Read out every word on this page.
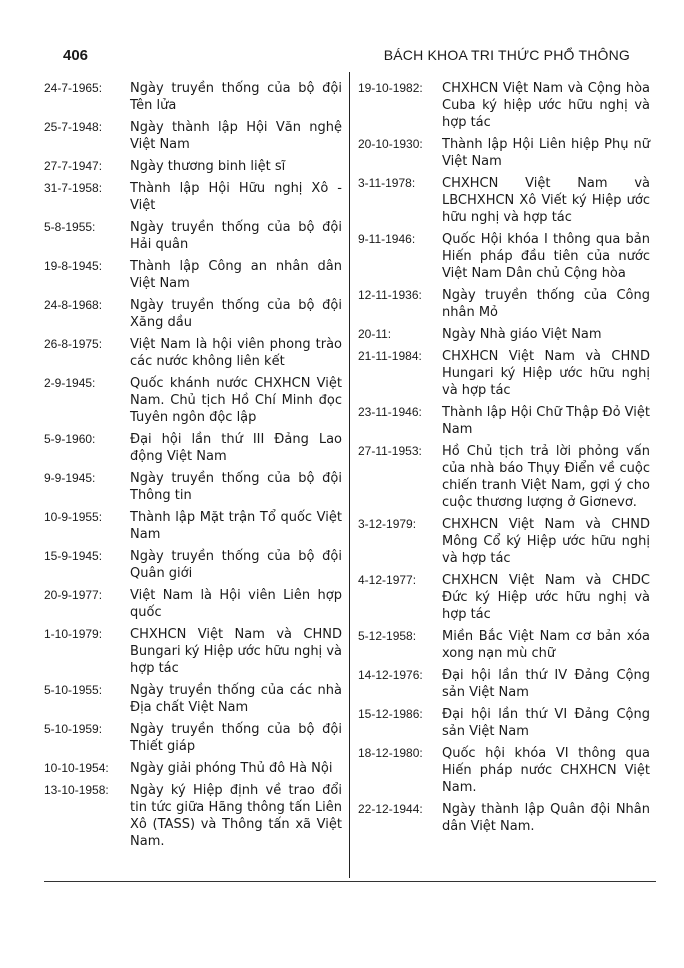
406	BÁCH KHOA TRI THỨC PHỔ THÔNG
24-7-1965:	Ngày truyền thống của bộ đội Tên lửa
25-7-1948:	Ngày thành lập Hội Văn nghệ Việt Nam
27-7-1947:	Ngày thương binh liệt sĩ
31-7-1958:	Thành lập Hội Hữu nghị Xô - Việt
5-8-1955:	Ngày truyền thống của bộ đội Hải quân
19-8-1945:	Thành lập Công an nhân dân Việt Nam
24-8-1968:	Ngày truyền thống của bộ đội Xăng dầu
26-8-1975:	Việt Nam là hội viên phong trào các nước không liên kết
2-9-1945:	Quốc khánh nước CHXHCN Việt Nam. Chủ tịch Hồ Chí Minh đọc Tuyên ngôn độc lập
5-9-1960:	Đại hội lần thứ III Đảng Lao động Việt Nam
9-9-1945:	Ngày truyền thống của bộ đội Thông tin
10-9-1955:	Thành lập Mặt trận Tổ quốc Việt Nam
15-9-1945:	Ngày truyền thống của bộ đội Quân giới
20-9-1977:	Việt Nam là Hội viên Liên hợp quốc
1-10-1979:	CHXHCN Việt Nam và CHND Bungari ký Hiệp ước hữu nghị và hợp tác
5-10-1955:	Ngày truyền thống của các nhà Địa chất Việt Nam
5-10-1959:	Ngày truyền thống của bộ đội Thiết giáp
10-10-1954:	Ngày giải phóng Thủ đô Hà Nội
13-10-1958:	Ngày ký Hiệp định về trao đổi tin tức giữa Hãng thông tấn Liên Xô (TASS) và Thông tấn xã Việt Nam.
19-10-1982:	CHXHCN Việt Nam và Cộng hòa Cuba ký hiệp ước hữu nghị và hợp tác
20-10-1930:	Thành lập Hội Liên hiệp Phụ nữ Việt Nam
3-11-1978:	CHXHCN Việt Nam và LBCHXHCN Xô Viết ký Hiệp ước hữu nghị và hợp tác
9-11-1946:	Quốc Hội khóa I thông qua bản Hiến pháp đầu tiên của nước Việt Nam Dân chủ Cộng hòa
12-11-1936:	Ngày truyền thống của Công nhân Mỏ
20-11:	Ngày Nhà giáo Việt Nam
21-11-1984:	CHXHCN Việt Nam và CHND Hungari ký Hiệp ước hữu nghị và hợp tác
23-11-1946:	Thành lập Hội Chữ Thập Đỏ Việt Nam
27-11-1953:	Hồ Chủ tịch trả lời phỏng vấn của nhà báo Thụy Điển về cuộc chiến tranh Việt Nam, gợi ý cho cuộc thương lượng ở Giơnevơ.
3-12-1979:	CHXHCN Việt Nam và CHND Mông Cổ ký Hiệp ước hữu nghị và hợp tác
4-12-1977:	CHXHCN Việt Nam và CHDC Đức ký Hiệp ước hữu nghị và hợp tác
5-12-1958:	Miền Bắc Việt Nam cơ bản xóa xong nạn mù chữ
14-12-1976:	Đại hội lần thứ IV Đảng Cộng sản Việt Nam
15-12-1986:	Đại hội lần thứ VI Đảng Cộng sản Việt Nam
18-12-1980:	Quốc hội khóa VI thông qua Hiến pháp nước CHXHCN Việt Nam.
22-12-1944:	Ngày thành lập Quân đội Nhân dân Việt Nam.
